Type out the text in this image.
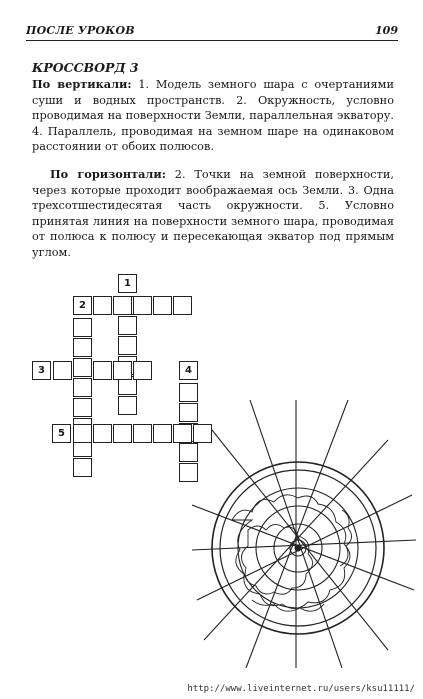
ПОСЛЕ УРОКОВ	109
КРОССВОРД 3

По вертикали: 1. Модель земного шара с очертаниями суши и водных пространств. 2. Окружность, условно проводимая на поверхности Земли, параллельная экватору. 4. Параллель, проводимая на земном шаре на одинаковом расстоянии от обоих полюсов.

По горизонтали: 2. Точки на земной поверхности, через которые проходит воображаемая ось Земли. 3. Одна трехсотшестидесятая часть окружности. 5. Условно принятая линия на поверхности земного шара, проводимая от полюса к полюсу и пересекающая экватор под прямым углом.

1
2
3	4
5
http://www.liveinternet.ru/users/ksu11111/
